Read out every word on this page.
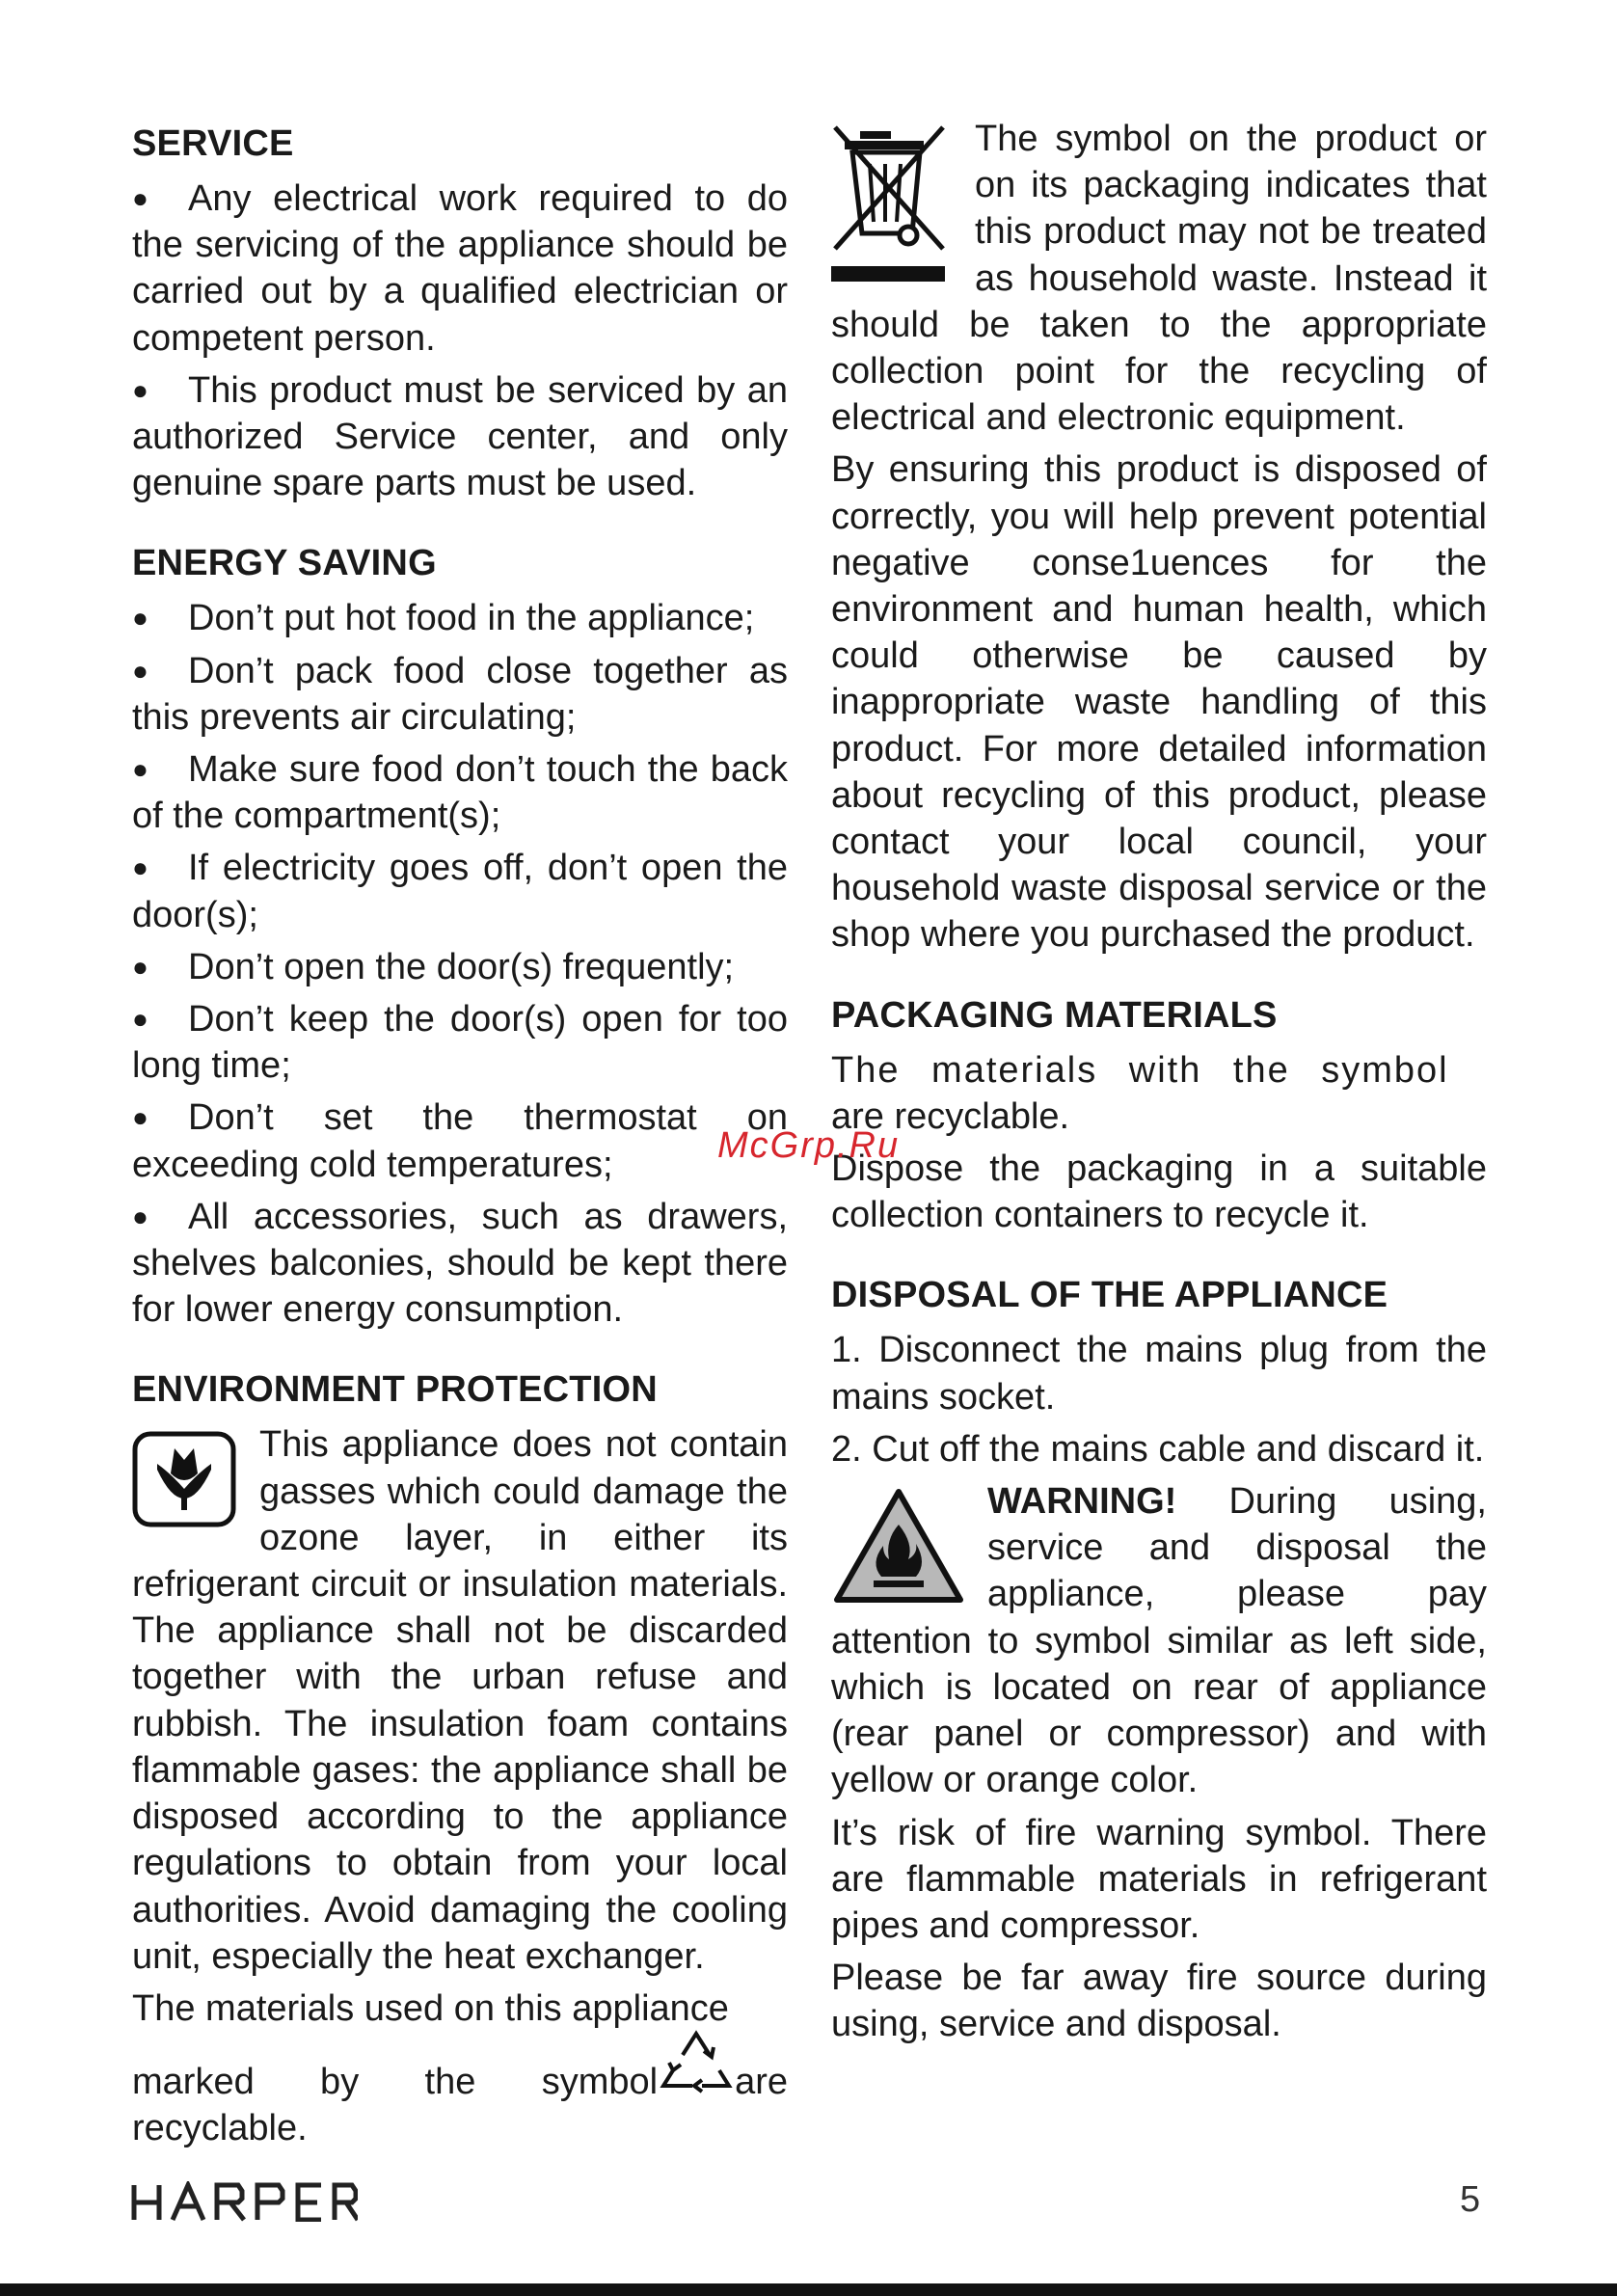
SERVICE

● Any electrical work required to do the servicing of the appliance should be carried out by a qualified electrician or competent person.

● This product must be serviced by an authorized Service center, and only genuine spare parts must be used.

ENERGY SAVING

● Don’t put hot food in the appliance;

● Don’t pack food close together as this prevents air circulating;

● Make sure food don’t touch the back of the compartment(s);

● If electricity goes off, don’t open the door(s);

● Don’t open the door(s) frequently;

● Don’t keep the door(s) open for too long time;

● Don’t set the thermostat on exceeding cold temperatures;

● All accessories, such as drawers, shelves balconies, should be kept there for lower energy consumption.

ENVIRONMENT PROTECTION

This appliance does not contain gasses which could damage the ozone layer, in either its refrigerant circuit or insulation materials. The appliance shall not be discarded together with the urban refuse and rubbish. The insulation foam contains flammable gases: the appliance shall be disposed according to the appliance regulations to obtain from your local authorities. Avoid damaging the cooling unit, especially the heat exchanger.

The materials used on this appliance

marked by the symbol are recyclable.

The symbol on the product or on its packaging indicates that this product may not be treated as household waste. Instead it should be taken to the appropriate collection point for the recycling of electrical and electronic equipment.

By ensuring this product is disposed of correctly, you will help prevent potential negative conse1uences for the environment and human health, which could otherwise be caused by inappropriate waste handling of this product. For more detailed information about recycling of this product, please contact your local council, your household waste disposal service or the shop where you purchased the product.

PACKAGING MATERIALS

The materials with the symbol

are recyclable.

Dispose the packaging in a suitable collection containers to recycle it.

DISPOSAL OF THE APPLIANCE

1. Disconnect the mains plug from the mains socket.

2. Cut off the mains cable and discard it.

WARNING! During using, service and disposal the appliance, please pay attention to symbol similar as left side, which is located on rear of appliance (rear panel or compressor) and with yellow or orange color.

It’s risk of fire warning symbol. There are flammable materials in refrigerant pipes and compressor.

Please be far away fire source during using, service and disposal.

McGrp.Ru
HARPER	5
